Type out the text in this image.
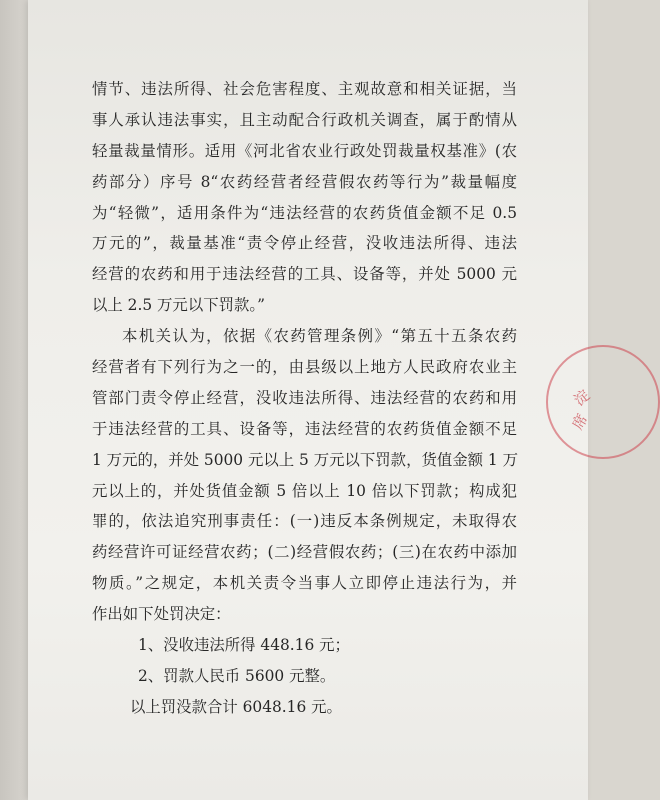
情节、违法所得、社会危害程度、主观故意和相关证据，当
事人承认违法事实，且主动配合行政机关调查，属于酌情从
轻量裁量情形。适用《河北省农业行政处罚裁量权基准》(农
药部分）序号 8“农药经营者经营假农药等行为”裁量幅度
为“轻微”，适用条件为“违法经营的农药货值金额不足 0.5
万元的”，裁量基准“责令停止经营，没收违法所得、违法
经营的农药和用于违法经营的工具、设备等，并处 5000 元
以上 2.5 万元以下罚款。”
本机关认为，依据《农药管理条例》“第五十五条农药
经营者有下列行为之一的，由县级以上地方人民政府农业主
管部门责令停止经营，没收违法所得、违法经营的农药和用
于违法经营的工具、设备等，违法经营的农药货值金额不足
1 万元的，并处 5000 元以上 5 万元以下罚款，货值金额 1 万
元以上的，并处货值金额 5 倍以上 10 倍以下罚款；构成犯
罪的，依法追究刑事责任：(一)违反本条例规定，未取得农
药经营许可证经营农药；(二)经营假农药；(三)在农药中添加
物质。”之规定，本机关责令当事人立即停止违法行为，并
作出如下处罚决定：
1、没收违法所得 448.16 元；
2、罚款人民币 5600 元整。
以上罚没款合计 6048.16 元。
淀
席
